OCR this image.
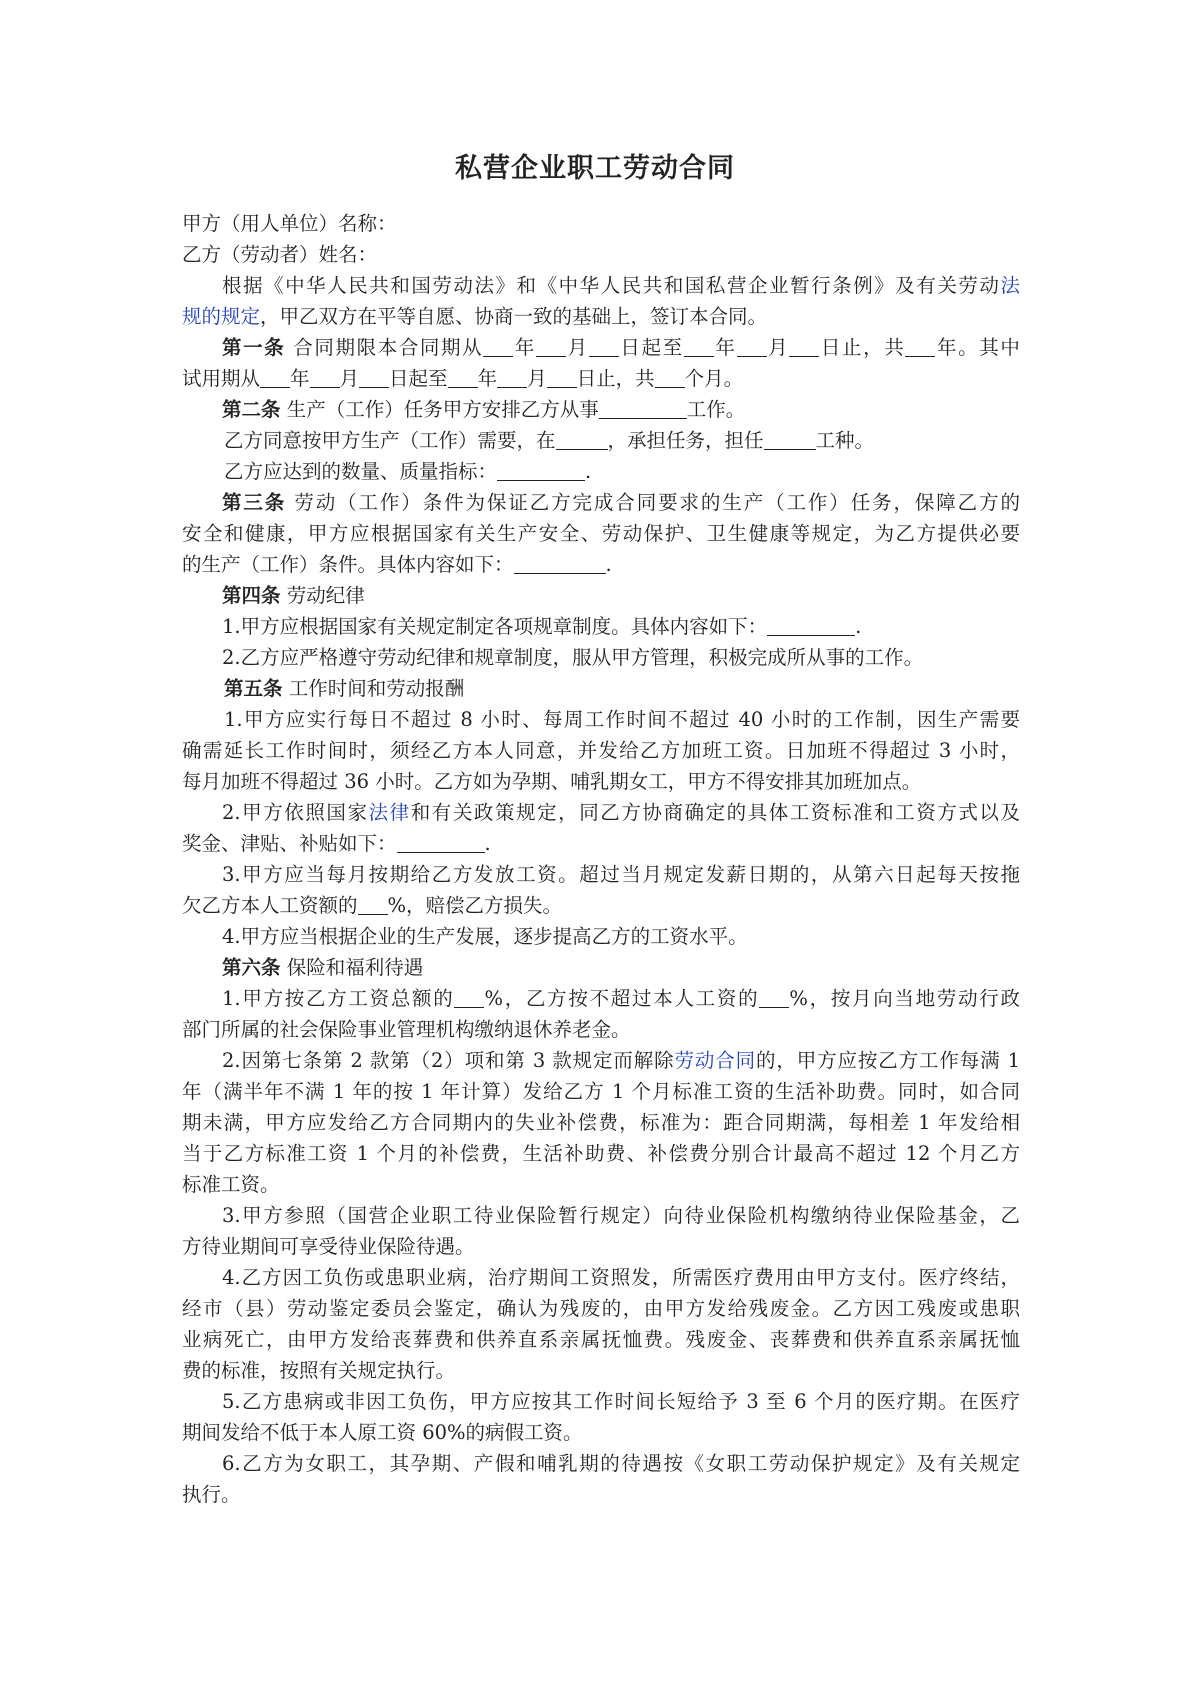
私营企业职工劳动合同
甲方（用人单位）名称：
乙方（劳动者）姓名：
根据《中华人民共和国劳动法》和《中华人民共和国私营企业暂行条例》及有关劳动法
规的规定，甲乙双方在平等自愿、协商一致的基础上，签订本合同。
第一条 合同期限本合同期从 年 月 日起至 年 月 日止，共 年。其中
试用期从 年 月 日起至 年 月 日止，共 个月。
第二条 生产（工作）任务甲方安排乙方从事	工作。
乙方同意按甲方生产（工作）需要，在	，承担任务，担任	工种。
乙方应达到的数量、质量指标：	.
第三条 劳动（工作）条件为保证乙方完成合同要求的生产（工作）任务，保障乙方的
安全和健康，甲方应根据国家有关生产安全、劳动保护、卫生健康等规定，为乙方提供必要
的生产（工作）条件。具体内容如下：	.
第四条 劳动纪律
1.甲方应根据国家有关规定制定各项规章制度。具体内容如下：	.
2.乙方应严格遵守劳动纪律和规章制度，服从甲方管理，积极完成所从事的工作。
第五条 工作时间和劳动报酬
1.甲方应实行每日不超过 8 小时、每周工作时间不超过 40 小时的工作制，因生产需要
确需延长工作时间时，须经乙方本人同意，并发给乙方加班工资。日加班不得超过 3 小时，
每月加班不得超过 36 小时。乙方如为孕期、哺乳期女工，甲方不得安排其加班加点。
2.甲方依照国家法律和有关政策规定，同乙方协商确定的具体工资标准和工资方式以及
奖金、津贴、补贴如下：	.
3.甲方应当每月按期给乙方发放工资。超过当月规定发薪日期的，从第六日起每天按拖
欠乙方本人工资额的 %，赔偿乙方损失。
4.甲方应当根据企业的生产发展，逐步提高乙方的工资水平。
第六条 保险和福利待遇
1.甲方按乙方工资总额的 %，乙方按不超过本人工资的 %，按月向当地劳动行政
部门所属的社会保险事业管理机构缴纳退休养老金。
2.因第七条第 2 款第（2）项和第 3 款规定而解除劳动合同的，甲方应按乙方工作每满 1
年（满半年不满 1 年的按 1 年计算）发给乙方 1 个月标准工资的生活补助费。同时，如合同
期未满，甲方应发给乙方合同期内的失业补偿费，标准为：距合同期满，每相差 1 年发给相
当于乙方标准工资 1 个月的补偿费，生活补助费、补偿费分别合计最高不超过 12 个月乙方
标准工资。
3.甲方参照（国营企业职工待业保险暂行规定）向待业保险机构缴纳待业保险基金，乙
方待业期间可享受待业保险待遇。
4.乙方因工负伤或患职业病，治疗期间工资照发，所需医疗费用由甲方支付。医疗终结，
经市（县）劳动鉴定委员会鉴定，确认为残废的，由甲方发给残废金。乙方因工残废或患职
业病死亡，由甲方发给丧葬费和供养直系亲属抚恤费。残废金、丧葬费和供养直系亲属抚恤
费的标准，按照有关规定执行。
5.乙方患病或非因工负伤，甲方应按其工作时间长短给予 3 至 6 个月的医疗期。在医疗
期间发给不低于本人原工资 60%的病假工资。
6.乙方为女职工，其孕期、产假和哺乳期的待遇按《女职工劳动保护规定》及有关规定
执行。
